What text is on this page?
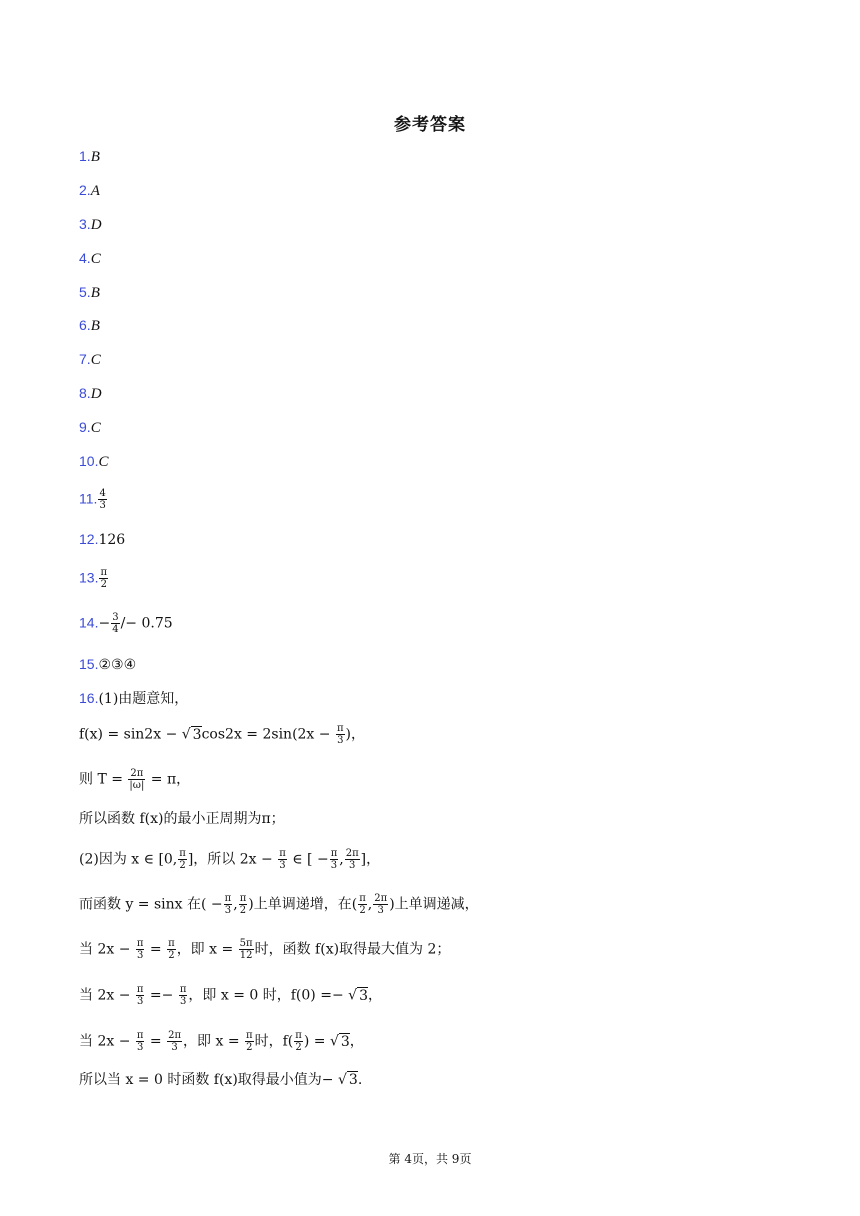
参考答案
1.B
2.A
3.D
4.C
5.B
6.B
7.C
8.D
9.C
10.C
11. $\frac{4}{3}$
12.126
13. $\frac{\pi}{2}$
$14.- \frac{3}{4} /- 0.75$
15.②③④
16.(1)由题意知，
f(x) = sin2x − √ $3\cos 2x = 2\sin(2x - \frac{\pi}{3}$ )，
则 $T = \frac{2\pi}{|\omega|} = \pi$，
所以函数 f(x)的最小正周期为π；
(2)因为 x ∈ [0, $\frac{\pi}{2}$ ]，所以 $2x - \frac{\pi}{3}$ ∈ [ − $\frac{\pi}{3}$ , $\frac{2\pi}{3}$ ]，
而函数 y = sinx 在( − $\frac{\pi}{3}$ , $\frac{\pi}{2}$ )上单调递增，在( $\frac{\pi}{2}$ , $\frac{2\pi}{3}$ )上单调递减，
当 $2x - \frac{\pi}{3} = \frac{\pi}{2}$ ，即 $x = \frac{5\pi}{12}$ 时，函数 f(x)取得最大值为 2；
当 $2x - \frac{\pi}{3} =- \frac{\pi}{3}$ ，即 x = 0 时，f(0) =− √ 3，
当 $2x - \frac{\pi}{3} = \frac{2\pi}{3}$ ，即 $x = \frac{\pi}{2}$ 时，$f( \frac{\pi}{2}$ ) = √ 3，
所以当 x = 0 时函数 f(x)取得最小值为− √ 3.
第 4页，共 9页
